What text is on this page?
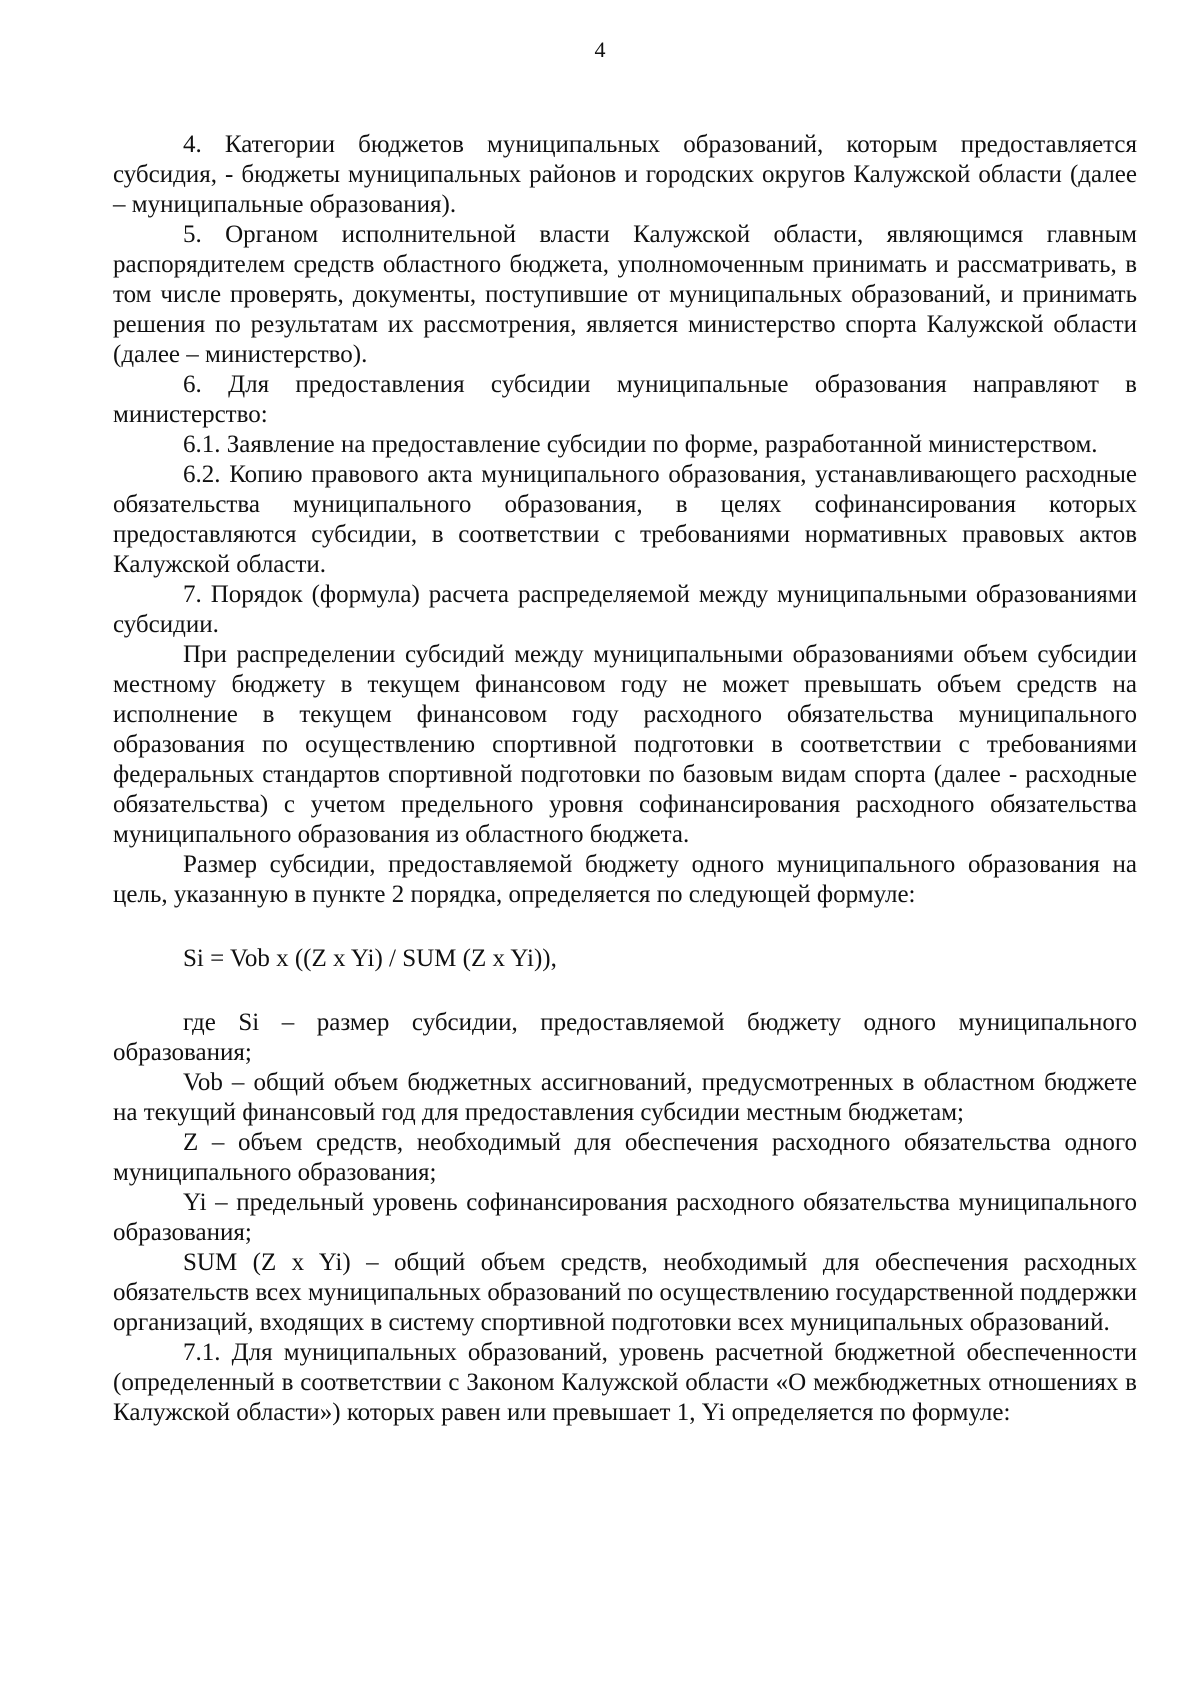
4

4. Категории бюджетов муниципальных образований, которым предоставляется субсидия, - бюджеты муниципальных районов и городских округов Калужской области (далее – муниципальные образования).

5. Органом исполнительной власти Калужской области, являющимся главным распорядителем средств областного бюджета, уполномоченным принимать и рассматривать, в том числе проверять, документы, поступившие от муниципальных образований, и принимать решения по результатам их рассмотрения, является министерство спорта Калужской области (далее – министерство).

6. Для предоставления субсидии муниципальные образования направляют в министерство:

6.1. Заявление на предоставление субсидии по форме, разработанной министерством.

6.2. Копию правового акта муниципального образования, устанавливающего расходные обязательства муниципального образования, в целях софинансирования которых предоставляются субсидии, в соответствии с требованиями нормативных правовых актов Калужской области.

7. Порядок (формула) расчета распределяемой между муниципальными образованиями субсидии.

При распределении субсидий между муниципальными образованиями объем субсидии местному бюджету в текущем финансовом году не может превышать объем средств на исполнение в текущем финансовом году расходного обязательства муниципального образования по осуществлению спортивной подготовки в соответствии с требованиями федеральных стандартов спортивной подготовки по базовым видам спорта (далее - расходные обязательства) с учетом предельного уровня софинансирования расходного обязательства муниципального образования из областного бюджета.

Размер субсидии, предоставляемой бюджету одного муниципального образования на цель, указанную в пункте 2 порядка, определяется по следующей формуле:

Si = Vob x ((Z x Yi) / SUM (Z x Yi)),

где Si – размер субсидии, предоставляемой бюджету одного муниципального образования;

Vob – общий объем бюджетных ассигнований, предусмотренных в областном бюджете на текущий финансовый год для предоставления субсидии местным бюджетам;

Z – объем средств, необходимый для обеспечения расходного обязательства одного муниципального образования;

Yi – предельный уровень софинансирования расходного обязательства муниципального образования;

SUM (Z x Yi) – общий объем средств, необходимый для обеспечения расходных обязательств всех муниципальных образований по осуществлению государственной поддержки организаций, входящих в систему спортивной подготовки всех муниципальных образований.

7.1. Для муниципальных образований, уровень расчетной бюджетной обеспеченности (определенный в соответствии с Законом Калужской области «О межбюджетных отношениях в Калужской области») которых равен или превышает 1, Yi определяется по формуле:
